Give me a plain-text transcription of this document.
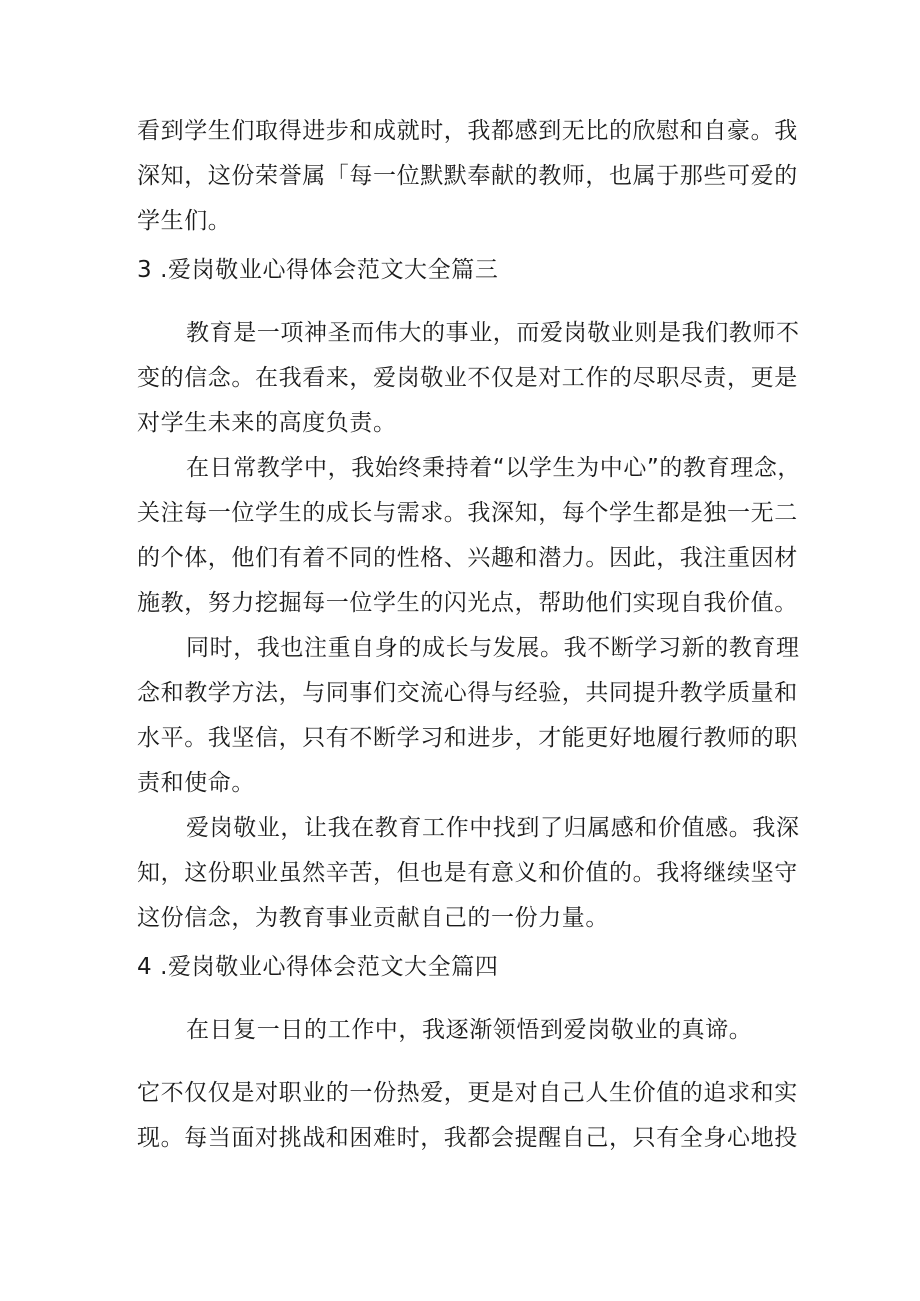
看到学生们取得进步和成就时，我都感到无比的欣慰和自豪。我
深知，这份荣誉属「每一位默默奉献的教师，也属于那些可爱的
学生们。
3 .爱岗敬业心得体会范文大全篇三
教育是一项神圣而伟大的事业，而爱岗敬业则是我们教师不
变的信念。在我看来，爱岗敬业不仅是对工作的尽职尽责，更是
对学生未来的高度负责。
在日常教学中，我始终秉持着“以学生为中心”的教育理念，
关注每一位学生的成长与需求。我深知，每个学生都是独一无二
的个体，他们有着不同的性格、兴趣和潜力。因此，我注重因材
施教，努力挖掘每一位学生的闪光点，帮助他们实现自我价值。
同时，我也注重自身的成长与发展。我不断学习新的教育理
念和教学方法，与同事们交流心得与经验，共同提升教学质量和
水平。我坚信，只有不断学习和进步，才能更好地履行教师的职
责和使命。
爱岗敬业，让我在教育工作中找到了归属感和价值感。我深
知，这份职业虽然辛苦，但也是有意义和价值的。我将继续坚守
这份信念，为教育事业贡献自己的一份力量。
4 .爱岗敬业心得体会范文大全篇四
在日复一日的工作中，我逐渐领悟到爱岗敬业的真谛。
它不仅仅是对职业的一份热爱，更是对自己人生价值的追求和实
现。每当面对挑战和困难时，我都会提醒自己，只有全身心地投
